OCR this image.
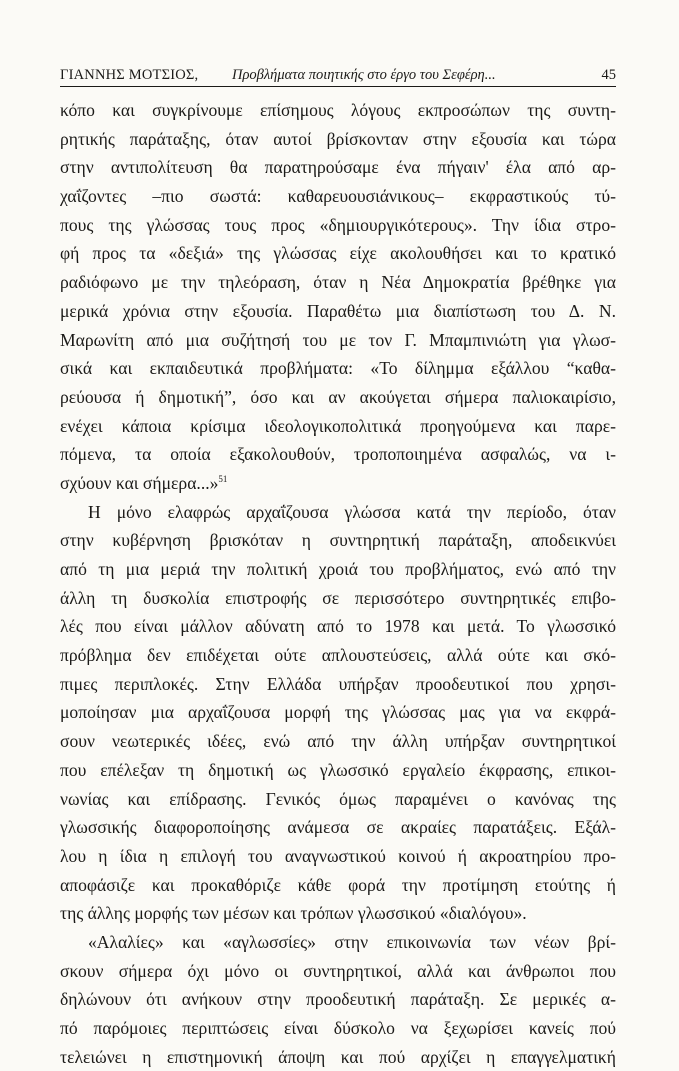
ΓΙΑΝΝΗΣ ΜΟΤΣΙΟΣ, Προβλήματα ποιητικής στο έργο του Σεφέρη...	45
κόπο και συγκρίνουμε επίσημους λόγους εκπροσώπων της συντη-
ρητικής παράταξης, όταν αυτοί βρίσκονταν στην εξουσία και τώρα
στην αντιπολίτευση θα παρατηρούσαμε ένα πήγαιν' έλα από αρ-
χαΐζοντες –πιο σωστά: καθαρευουσιάνικους– εκφραστικούς τύ-
πους της γλώσσας τους προς «δημιουργικότερους». Την ίδια στρο-
φή προς τα «δεξιά» της γλώσσας είχε ακολουθήσει και το κρατικό
ραδιόφωνο με την τηλεόραση, όταν η Νέα Δημοκρατία βρέθηκε για
μερικά χρόνια στην εξουσία. Παραθέτω μια διαπίστωση του Δ. Ν.
Μαρωνίτη από μια συζήτησή του με τον Γ. Μπαμπινιώτη για γλωσ-
σικά και εκπαιδευτικά προβλήματα: «Το δίλημμα εξάλλου “καθα-
ρεύουσα ή δημοτική”, όσο και αν ακούγεται σήμερα παλιοκαιρίσιο,
ενέχει κάποια κρίσιμα ιδεολογικοπολιτικά προηγούμενα και παρε-
πόμενα, τα οποία εξακολουθούν, τροποποιημένα ασφαλώς, να ι-
σχύουν και σήμερα...»$^{51}$
Η μόνο ελαφρώς αρχαΐζουσα γλώσσα κατά την περίοδο, όταν
στην κυβέρνηση βρισκόταν η συντηρητική παράταξη, αποδεικνύει
από τη μια μεριά την πολιτική χροιά του προβλήματος, ενώ από την
άλλη τη δυσκολία επιστροφής σε περισσότερο συντηρητικές επιβο-
λές που είναι μάλλον αδύνατη από το 1978 και μετά. Το γλωσσικό
πρόβλημα δεν επιδέχεται ούτε απλουστεύσεις, αλλά ούτε και σκό-
πιμες περιπλοκές. Στην Ελλάδα υπήρξαν προοδευτικοί που χρησι-
μοποίησαν μια αρχαΐζουσα μορφή της γλώσσας μας για να εκφρά-
σουν νεωτερικές ιδέες, ενώ από την άλλη υπήρξαν συντηρητικοί
που επέλεξαν τη δημοτική ως γλωσσικό εργαλείο έκφρασης, επικοι-
νωνίας και επίδρασης. Γενικός όμως παραμένει ο κανόνας της
γλωσσικής διαφοροποίησης ανάμεσα σε ακραίες παρατάξεις. Εξάλ-
λου η ίδια η επιλογή του αναγνωστικού κοινού ή ακροατηρίου προ-
αποφάσιζε και προκαθόριζε κάθε φορά την προτίμηση ετούτης ή
της άλλης μορφής των μέσων και τρόπων γλωσσικού «διαλόγου».
«Αλαλίες» και «αγλωσσίες» στην επικοινωνία των νέων βρί-
σκουν σήμερα όχι μόνο οι συντηρητικοί, αλλά και άνθρωποι που
δηλώνουν ότι ανήκουν στην προοδευτική παράταξη. Σε μερικές α-
πό παρόμοιες περιπτώσεις είναι δύσκολο να ξεχωρίσει κανείς πού
τελειώνει η επιστημονική άποψη και πού αρχίζει η επαγγελματική
